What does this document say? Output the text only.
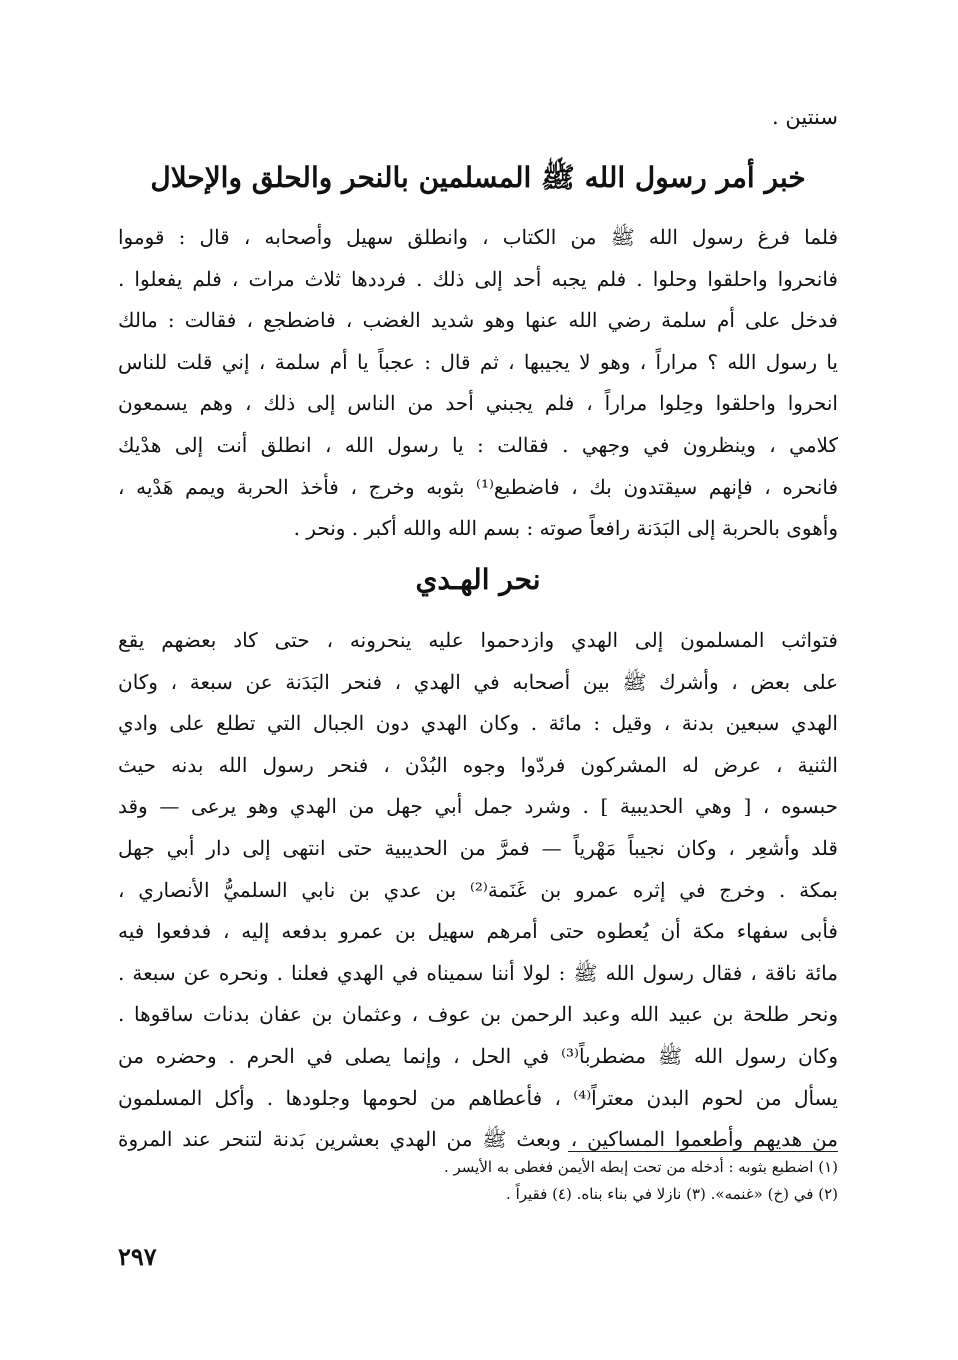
سنتين .

خبر أمر رسول الله ﷺ المسلمين بالنحر والحلق والإحلال
فلما فرغ رسول الله ﷺ من الكتاب ، وانطلق سهيل وأصحابه ، قال : قوموا
فانحروا واحلقوا وحلوا . فلم يجبه أحد إلى ذلك . فرددها ثلاث مرات ، فلم يفعلوا .
فدخل على أم سلمة رضي الله عنها وهو شديد الغضب ، فاضطجع ، فقالت : مالك
يا رسول الله ؟ مراراً ، وهو لا يجيبها ، ثم قال : عجباً يا أم سلمة ، إني قلت للناس
انحروا واحلقوا وحِلوا مراراً ، فلم يجبني أحد من الناس إلى ذلك ، وهم يسمعون
كلامي ، وينظرون في وجهي . فقالت : يا رسول الله ، انطلق أنت إلى هدْيك
فانحره ، فإنهم سيقتدون بك ، فاضطبع⁽¹⁾ بثوبه وخرج ، فأخذ الحربة ويمم هَدْيه ،
وأهوى بالحربة إلى البَدَنة رافعاً صوته : بسم الله والله أكبر . ونحر .
نحر الهـدي
فتواثب المسلمون إلى الهدي وازدحموا عليه ينحرونه ، حتى كاد بعضهم يقع
على بعض ، وأشرك ﷺ بين أصحابه في الهدي ، فنحر البَدَنة عن سبعة ، وكان
الهدي سبعين بدنة ، وقيل : مائة . وكان الهدي دون الجبال التي تطلع على وادي
الثنية ، عرض له المشركون فردّوا وجوه البُدْن ، فنحر رسول الله بدنه حيث
حبسوه ، [ وهي الحديبية ] . وشرد جمل أبي جهل من الهدي وهو يرعى — وقد
قلد وأشعِر ، وكان نجيباً مَهْرياً — فمرَّ من الحديبية حتى انتهى إلى دار أبي جهل
بمكة . وخرج في إثره عمرو بن غَنَمة⁽²⁾ بن عدي بن نابي السلميُّ الأنصاري ،
فأبى سفهاء مكة أن يُعطوه حتى أمرهم سهيل بن عمرو بدفعه إليه ، فدفعوا فيه
مائة ناقة ، فقال رسول الله ﷺ : لولا أننا سميناه في الهدي فعلنا . ونحره عن سبعة .
ونحر طلحة بن عبيد الله وعبد الرحمن بن عوف ، وعثمان بن عفان بدنات ساقوها .
وكان رسول الله ﷺ مضطرباً⁽³⁾ في الحل ، وإنما يصلى في الحرم . وحضره من
يسأل من لحوم البدن معتراً⁽⁴⁾ ، فأعطاهم من لحومها وجلودها . وأكل المسلمون
من هديهم وأطعموا المساكين ، وبعث ﷺ من الهدي بعشرين بَدنة لتنحر عند المروة
(١) اضطبع بثوبه : أدخله من تحت إبطه الأيمن فغطى به الأيسر .
(٢) في (خ) «غنمه». (٣) نازلا في بناء بناه. (٤) فقيراً .
٢٩٧
